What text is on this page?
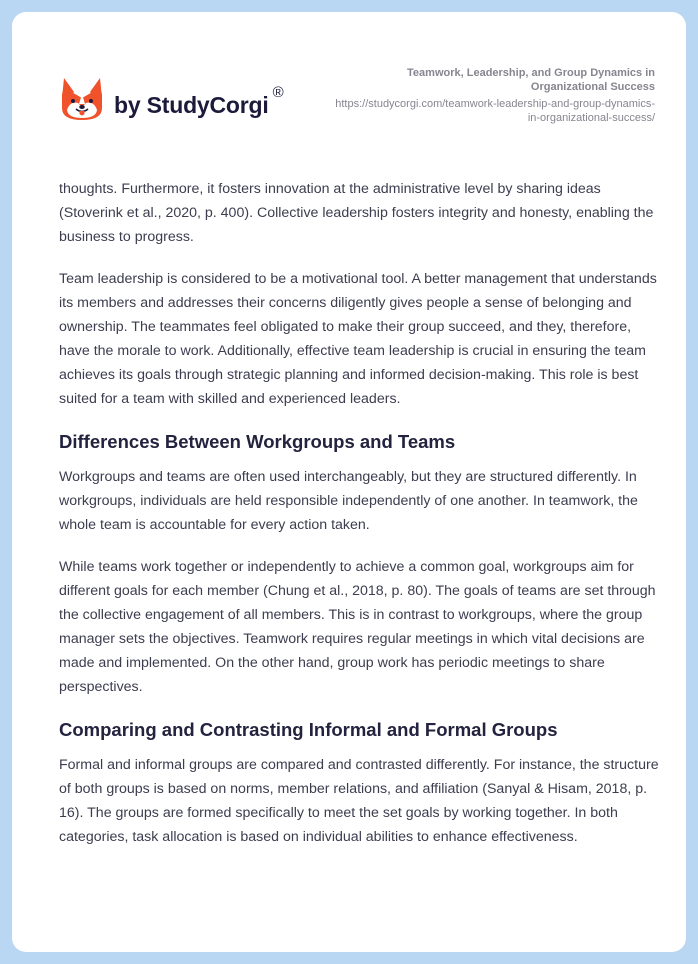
by StudyCorgi ®
Teamwork, Leadership, and Group Dynamics in Organizational Success
https://studycorgi.com/teamwork-leadership-and-group-dynamics-in-organizational-success/

thoughts. Furthermore, it fosters innovation at the administrative level by sharing ideas (Stoverink et al., 2020, p. 400). Collective leadership fosters integrity and honesty, enabling the business to progress.

Team leadership is considered to be a motivational tool. A better management that understands its members and addresses their concerns diligently gives people a sense of belonging and ownership. The teammates feel obligated to make their group succeed, and they, therefore, have the morale to work. Additionally, effective team leadership is crucial in ensuring the team achieves its goals through strategic planning and informed decision-making. This role is best suited for a team with skilled and experienced leaders.

Differences Between Workgroups and Teams

Workgroups and teams are often used interchangeably, but they are structured differently. In workgroups, individuals are held responsible independently of one another. In teamwork, the whole team is accountable for every action taken.

While teams work together or independently to achieve a common goal, workgroups aim for different goals for each member (Chung et al., 2018, p. 80). The goals of teams are set through the collective engagement of all members. This is in contrast to workgroups, where the group manager sets the objectives. Teamwork requires regular meetings in which vital decisions are made and implemented. On the other hand, group work has periodic meetings to share perspectives.

Comparing and Contrasting Informal and Formal Groups

Formal and informal groups are compared and contrasted differently. For instance, the structure of both groups is based on norms, member relations, and affiliation (Sanyal & Hisam, 2018, p. 16). The groups are formed specifically to meet the set goals by working together. In both categories, task allocation is based on individual abilities to enhance effectiveness.
